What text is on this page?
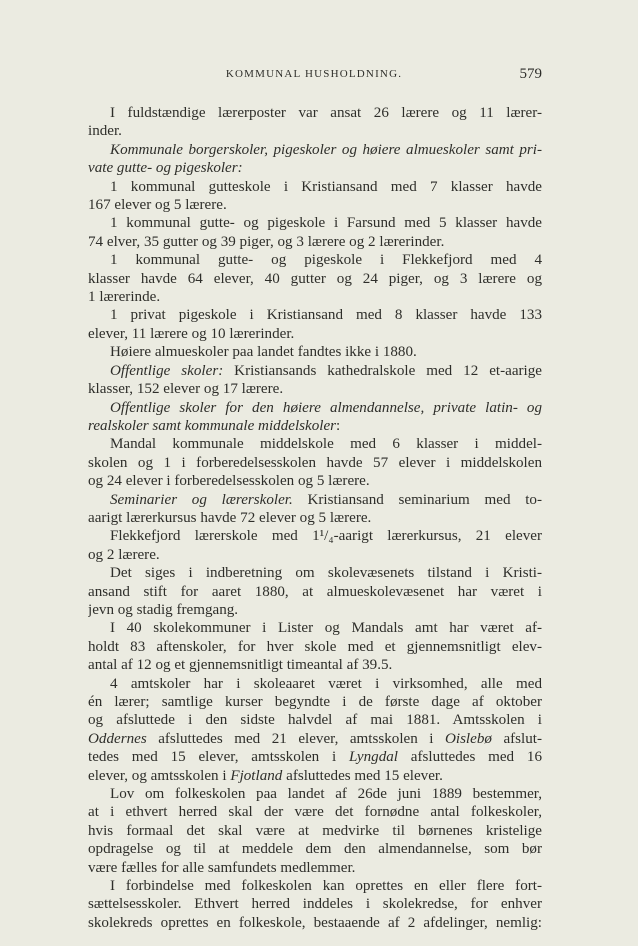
KOMMUNAL HUSHOLDNING.	579
I fuldstændige lærerposter var ansat 26 lærere og 11 lærer-
inder.
Kommunale borgerskoler, pigeskoler og høiere almueskoler samt pri-
vate gutte- og pigeskoler:
1 kommunal gutteskole i Kristiansand med 7 klasser havde
167 elever og 5 lærere.
1 kommunal gutte- og pigeskole i Farsund med 5 klasser havde
74 elver, 35 gutter og 39 piger, og 3 lærere og 2 lærerinder.
1 kommunal gutte- og pigeskole i Flekkefjord med 4
klasser havde 64 elever, 40 gutter og 24 piger, og 3 lærere og
1 lærerinde.
1 privat pigeskole i Kristiansand med 8 klasser havde 133
elever, 11 lærere og 10 lærerinder.
Høiere almueskoler paa landet fandtes ikke i 1880.
Offentlige skoler: Kristiansands kathedralskole med 12 et-aarige
klasser, 152 elever og 17 lærere.
Offentlige skoler for den høiere almendannelse, private latin- og
realskoler samt kommunale middelskoler:
Mandal kommunale middelskole med 6 klasser i middel-
skolen og 1 i forberedelsesskolen havde 57 elever i middelskolen
og 24 elever i forberedelsesskolen og 5 lærere.
Seminarier og lærerskoler. Kristiansand seminarium med to-
aarigt lærerkursus havde 72 elever og 5 lærere.
Flekkefjord lærerskole med 1¹/₄-aarigt lærerkursus, 21 elever
og 2 lærere.
Det siges i indberetning om skolevæsenets tilstand i Kristi-
ansand stift for aaret 1880, at almueskolevæsenet har været i
jevn og stadig fremgang.
I 40 skolekommuner i Lister og Mandals amt har været af-
holdt 83 aftenskoler, for hver skole med et gjennemsnitligt elev-
antal af 12 og et gjennemsnitligt timeantal af 39.5.
4 amtskoler har i skoleaaret været i virksomhed, alle med
én lærer; samtlige kurser begyndte i de første dage af oktober
og afsluttede i den sidste halvdel af mai 1881. Amtsskolen i
Oddernes afsluttedes med 21 elever, amtsskolen i Oislebø afslut-
tedes med 15 elever, amtsskolen i Lyngdal afsluttedes med 16
elever, og amtsskolen i Fjotland afsluttedes med 15 elever.
Lov om folkeskolen paa landet af 26de juni 1889 bestemmer,
at i ethvert herred skal der være det fornødne antal folkeskoler,
hvis formaal det skal være at medvirke til børnenes kristelige
opdragelse og til at meddele dem den almendannelse, som bør
være fælles for alle samfundets medlemmer.
I forbindelse med folkeskolen kan oprettes en eller flere fort-
sættelsesskoler. Ethvert herred inddeles i skolekredse, for enhver
skolekreds oprettes en folkeskole, bestaaende af 2 afdelinger, nemlig:
